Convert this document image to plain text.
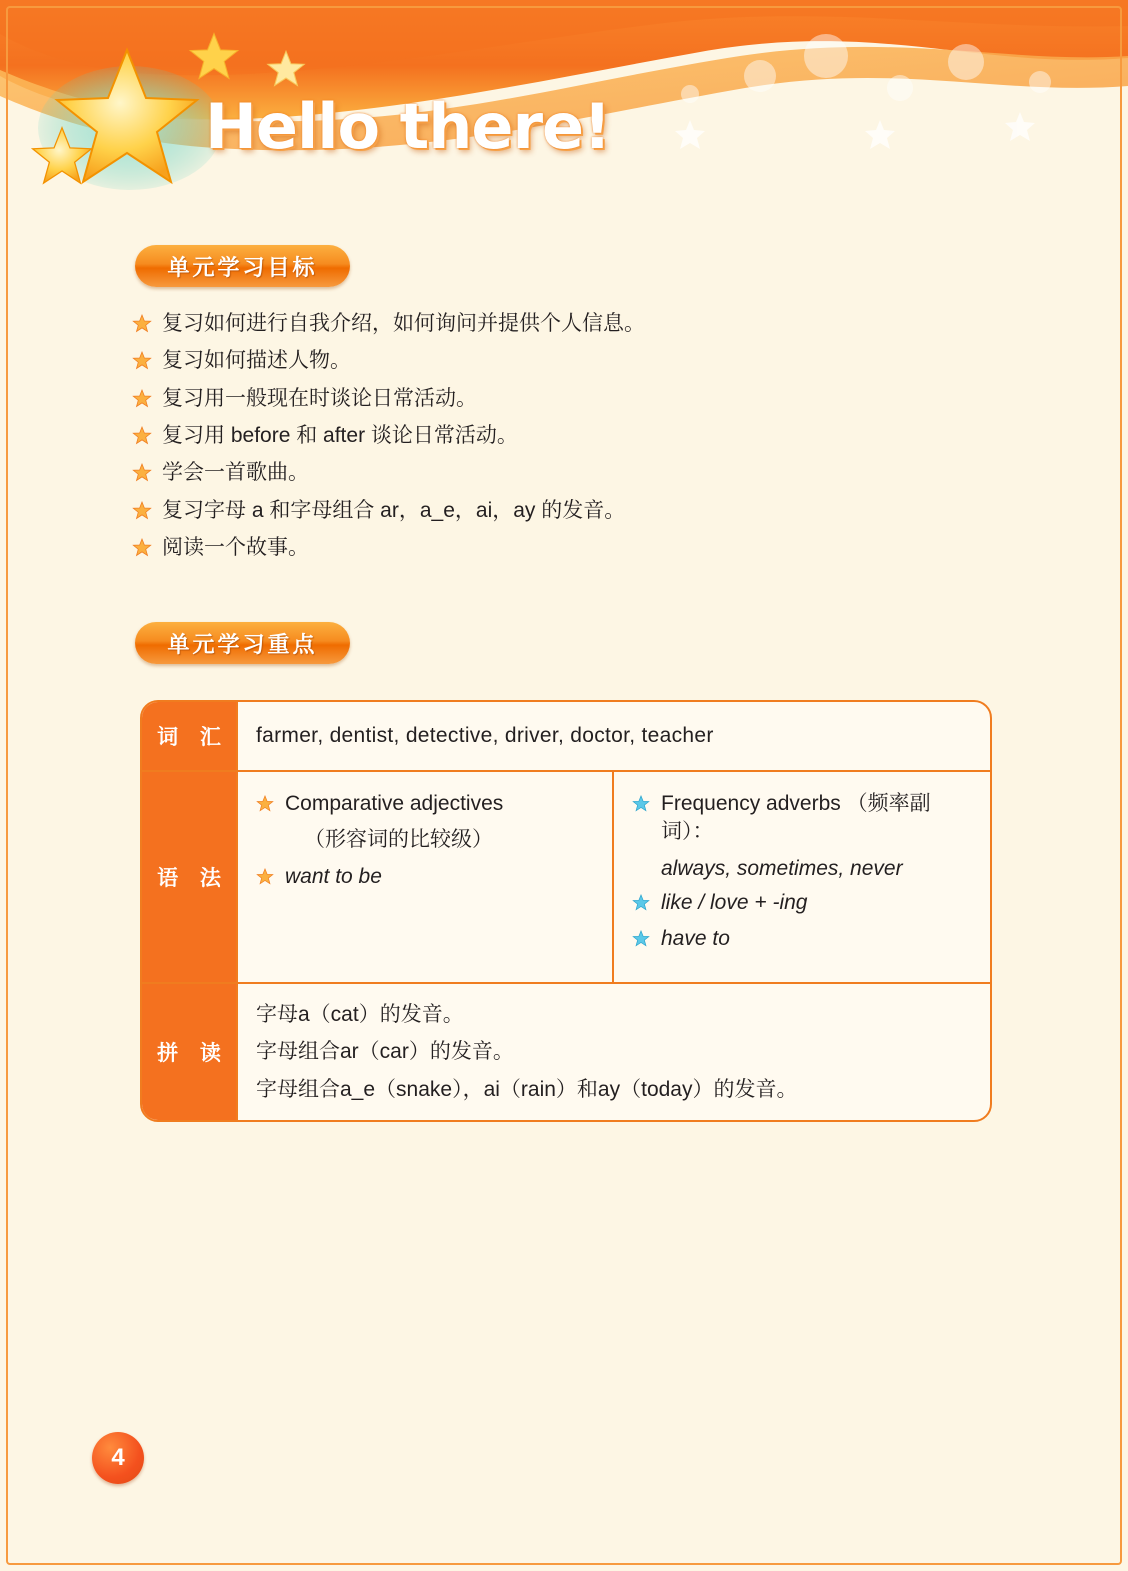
Hello there!
单元学习目标
复习如何进行自我介绍，如何询问并提供个人信息。
复习如何描述人物。
复习用一般现在时谈论日常活动。
复习用 before 和 after 谈论日常活动。
学会一首歌曲。
复习字母 a 和字母组合 ar，a_e，ai，ay 的发音。
阅读一个故事。
单元学习重点
词 汇	farmer, dentist, detective, driver, doctor, teacher
语 法
Comparative adjectives
（形容词的比较级）
want to be
Frequency adverbs （频率副词）：
always, sometimes, never
like / love + -ing
have to
拼 读

字母a（cat）的发音。

字母组合ar（car）的发音。

字母组合a_e（snake），ai（rain）和ay（today）的发音。

4
